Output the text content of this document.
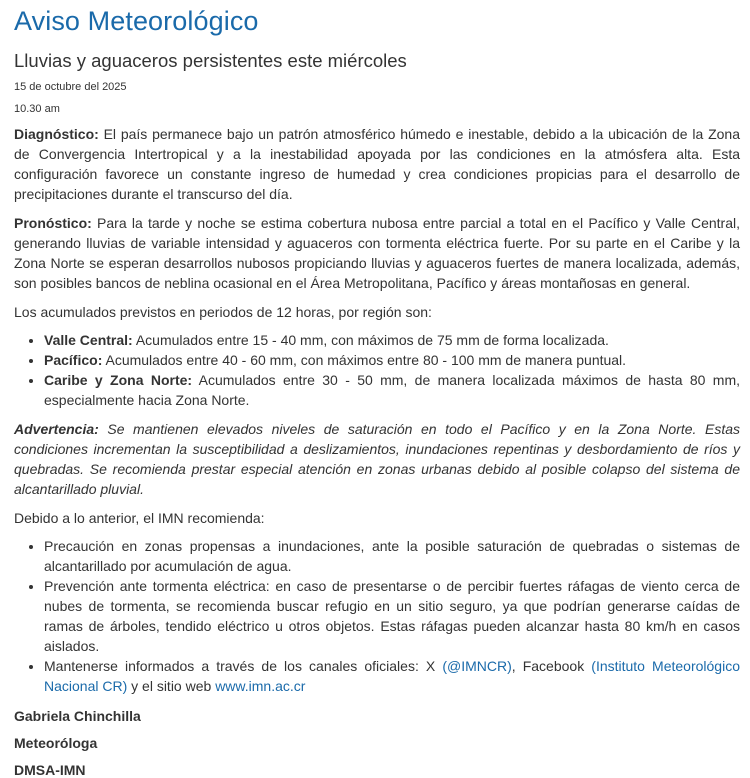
Aviso Meteorológico
Lluvias y aguaceros persistentes este miércoles
15 de octubre del 2025
10.30 am

Diagnóstico: El país permanece bajo un patrón atmosférico húmedo e inestable, debido a la ubicación de la Zona de Convergencia Intertropical y a la inestabilidad apoyada por las condiciones en la atmósfera alta. Esta configuración favorece un constante ingreso de humedad y crea condiciones propicias para el desarrollo de precipitaciones durante el transcurso del día.

Pronóstico: Para la tarde y noche se estima cobertura nubosa entre parcial a total en el Pacífico y Valle Central, generando lluvias de variable intensidad y aguaceros con tormenta eléctrica fuerte. Por su parte en el Caribe y la Zona Norte se esperan desarrollos nubosos propiciando lluvias y aguaceros fuertes de manera localizada, además, son posibles bancos de neblina ocasional en el Área Metropolitana, Pacífico y áreas montañosas en general.

Los acumulados previstos en periodos de 12 horas, por región son:

• Valle Central: Acumulados entre 15 - 40 mm, con máximos de 75 mm de forma localizada.
• Pacífico: Acumulados entre 40 - 60 mm, con máximos entre 80 - 100 mm de manera puntual.
• Caribe y Zona Norte: Acumulados entre 30 - 50 mm, de manera localizada máximos de hasta 80 mm, especialmente hacia Zona Norte.

Advertencia: Se mantienen elevados niveles de saturación en todo el Pacífico y en la Zona Norte. Estas condiciones incrementan la susceptibilidad a deslizamientos, inundaciones repentinas y desbordamiento de ríos y quebradas. Se recomienda prestar especial atención en zonas urbanas debido al posible colapso del sistema de alcantarillado pluvial.

Debido a lo anterior, el IMN recomienda:

• Precaución en zonas propensas a inundaciones, ante la posible saturación de quebradas o sistemas de alcantarillado por acumulación de agua.
• Prevención ante tormenta eléctrica: en caso de presentarse o de percibir fuertes ráfagas de viento cerca de nubes de tormenta, se recomienda buscar refugio en un sitio seguro, ya que podrían generarse caídas de ramas de árboles, tendido eléctrico u otros objetos. Estas ráfagas pueden alcanzar hasta 80 km/h en casos aislados.
• Mantenerse informados a través de los canales oficiales: X (@IMNCR), Facebook (Instituto Meteorológico Nacional CR) y el sitio web www.imn.ac.cr
Gabriela Chinchilla
Meteoróloga
DMSA-IMN
